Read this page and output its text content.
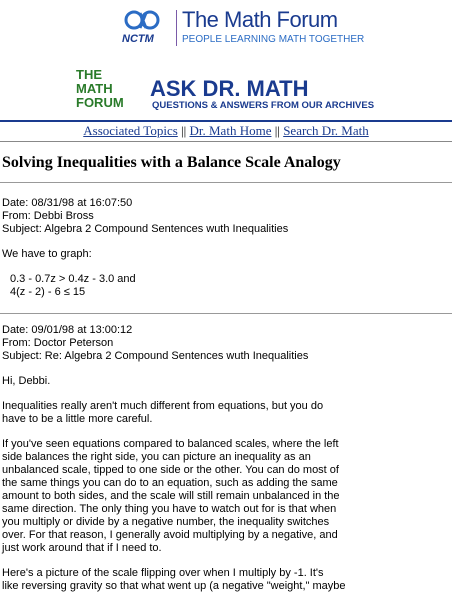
NCTM
The Math Forum
PEOPLE LEARNING MATH TOGETHER
THE
MATH
FORUM
ASK DR. MATH
QUESTIONS & ANSWERS FROM OUR ARCHIVES
Associated Topics || Dr. Math Home || Search Dr. Math
Solving Inequalities with a Balance Scale Analogy
Date: 08/31/98 at 16:07:50
From: Debbi Bross
Subject: Algebra 2 Compound Sentences wuth Inequalities
We have to graph:
0.3 - 0.7z > 0.4z - 3.0 and
4(z - 2) - 6 ≤ 15
Date: 09/01/98 at 13:00:12
From: Doctor Peterson
Subject: Re: Algebra 2 Compound Sentences wuth Inequalities
Hi, Debbi.
Inequalities really aren't much different from equations, but you do
have to be a little more careful.
If you've seen equations compared to balanced scales, where the left
side balances the right side, you can picture an inequality as an
unbalanced scale, tipped to one side or the other. You can do most of
the same things you can do to an equation, such as adding the same
amount to both sides, and the scale will still remain unbalanced in the
same direction. The only thing you have to watch out for is that when
you multiply or divide by a negative number, the inequality switches
over. For that reason, I generally avoid multiplying by a negative, and
just work around that if I need to.
Here's a picture of the scale flipping over when I multiply by -1. It's
like reversing gravity so that what went up (a negative "weight," maybe
